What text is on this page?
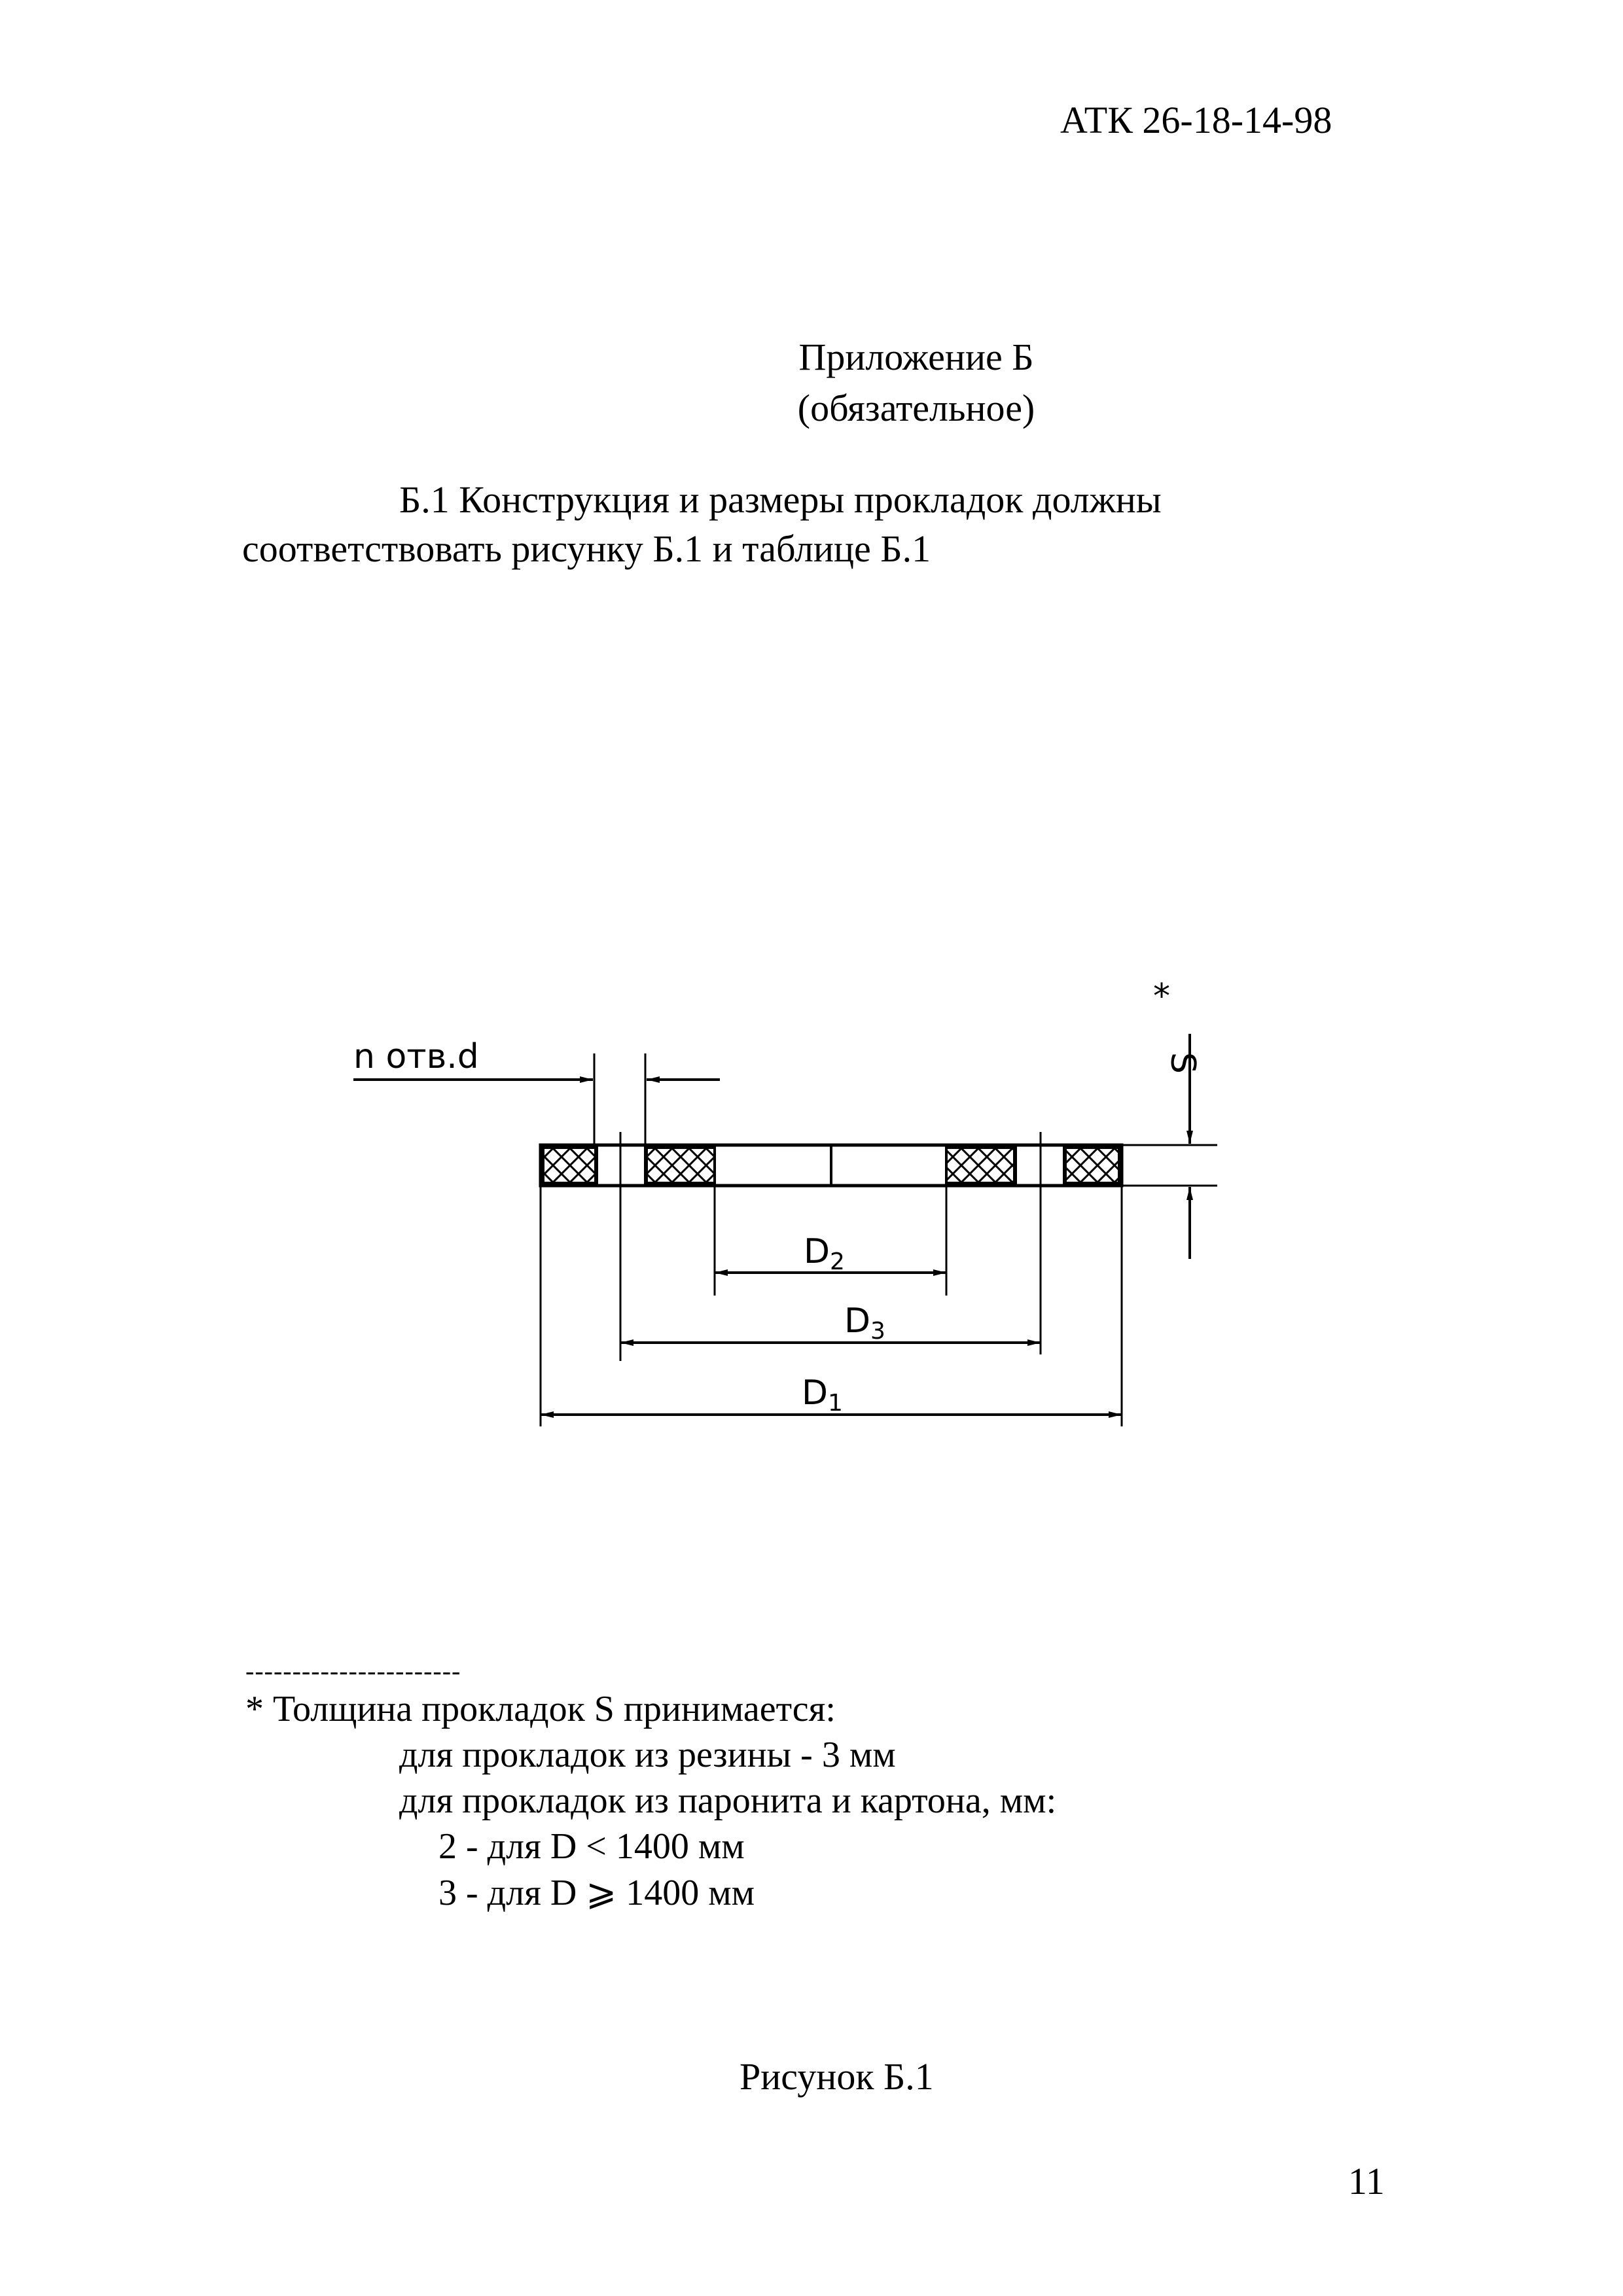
АТК 26-18-14-98
Приложение Б
(обязательное)
Б.1 Конструкция и размеры прокладок должны
соответствовать рисунку Б.1 и таблице Б.1
n отв.d	S
*
D2
D3
D1
-----------------------
* Толщина прокладок S принимается:
для прокладок из резины - 3 мм
для прокладок из паронита и картона, мм:
2 - для D < 1400 мм
3 - для D ⩾ 1400 мм
Рисунок Б.1
11
